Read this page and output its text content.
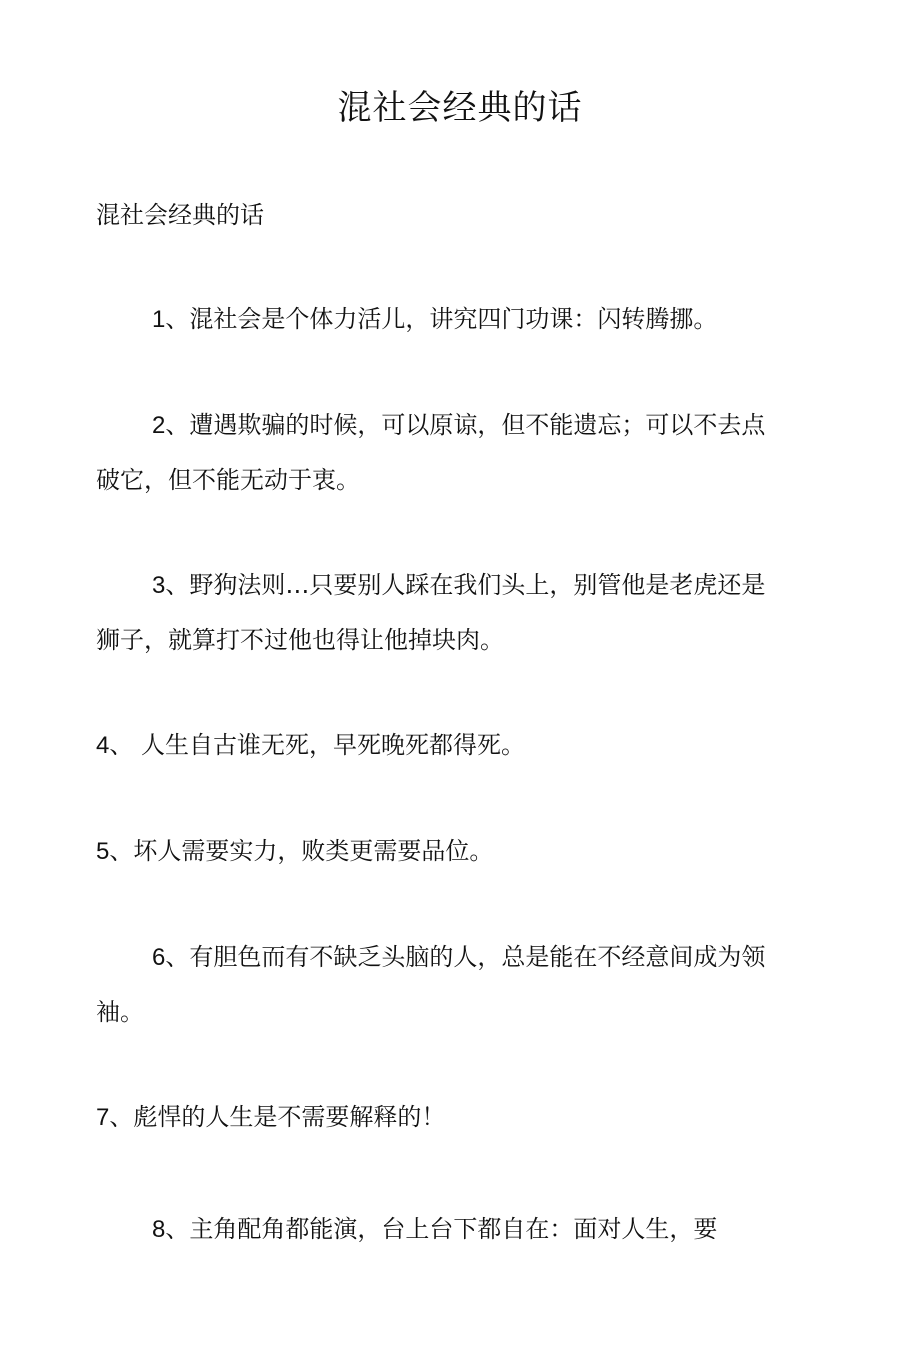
混社会经典的话
混社会经典的话
1、混社会是个体力活儿，讲究四门功课：闪转腾挪。
2、遭遇欺骗的时候，可以原谅，但不能遗忘；可以不去点破它，但不能无动于衷。
3、野狗法则…只要别人踩在我们头上，别管他是老虎还是狮子，就算打不过他也得让他掉块肉。
4、 人生自古谁无死，早死晚死都得死。
5、坏人需要实力，败类更需要品位。
6、有胆色而有不缺乏头脑的人，总是能在不经意间成为领袖。
7、彪悍的人生是不需要解释的！
8、主角配角都能演，台上台下都自在：面对人生，要
